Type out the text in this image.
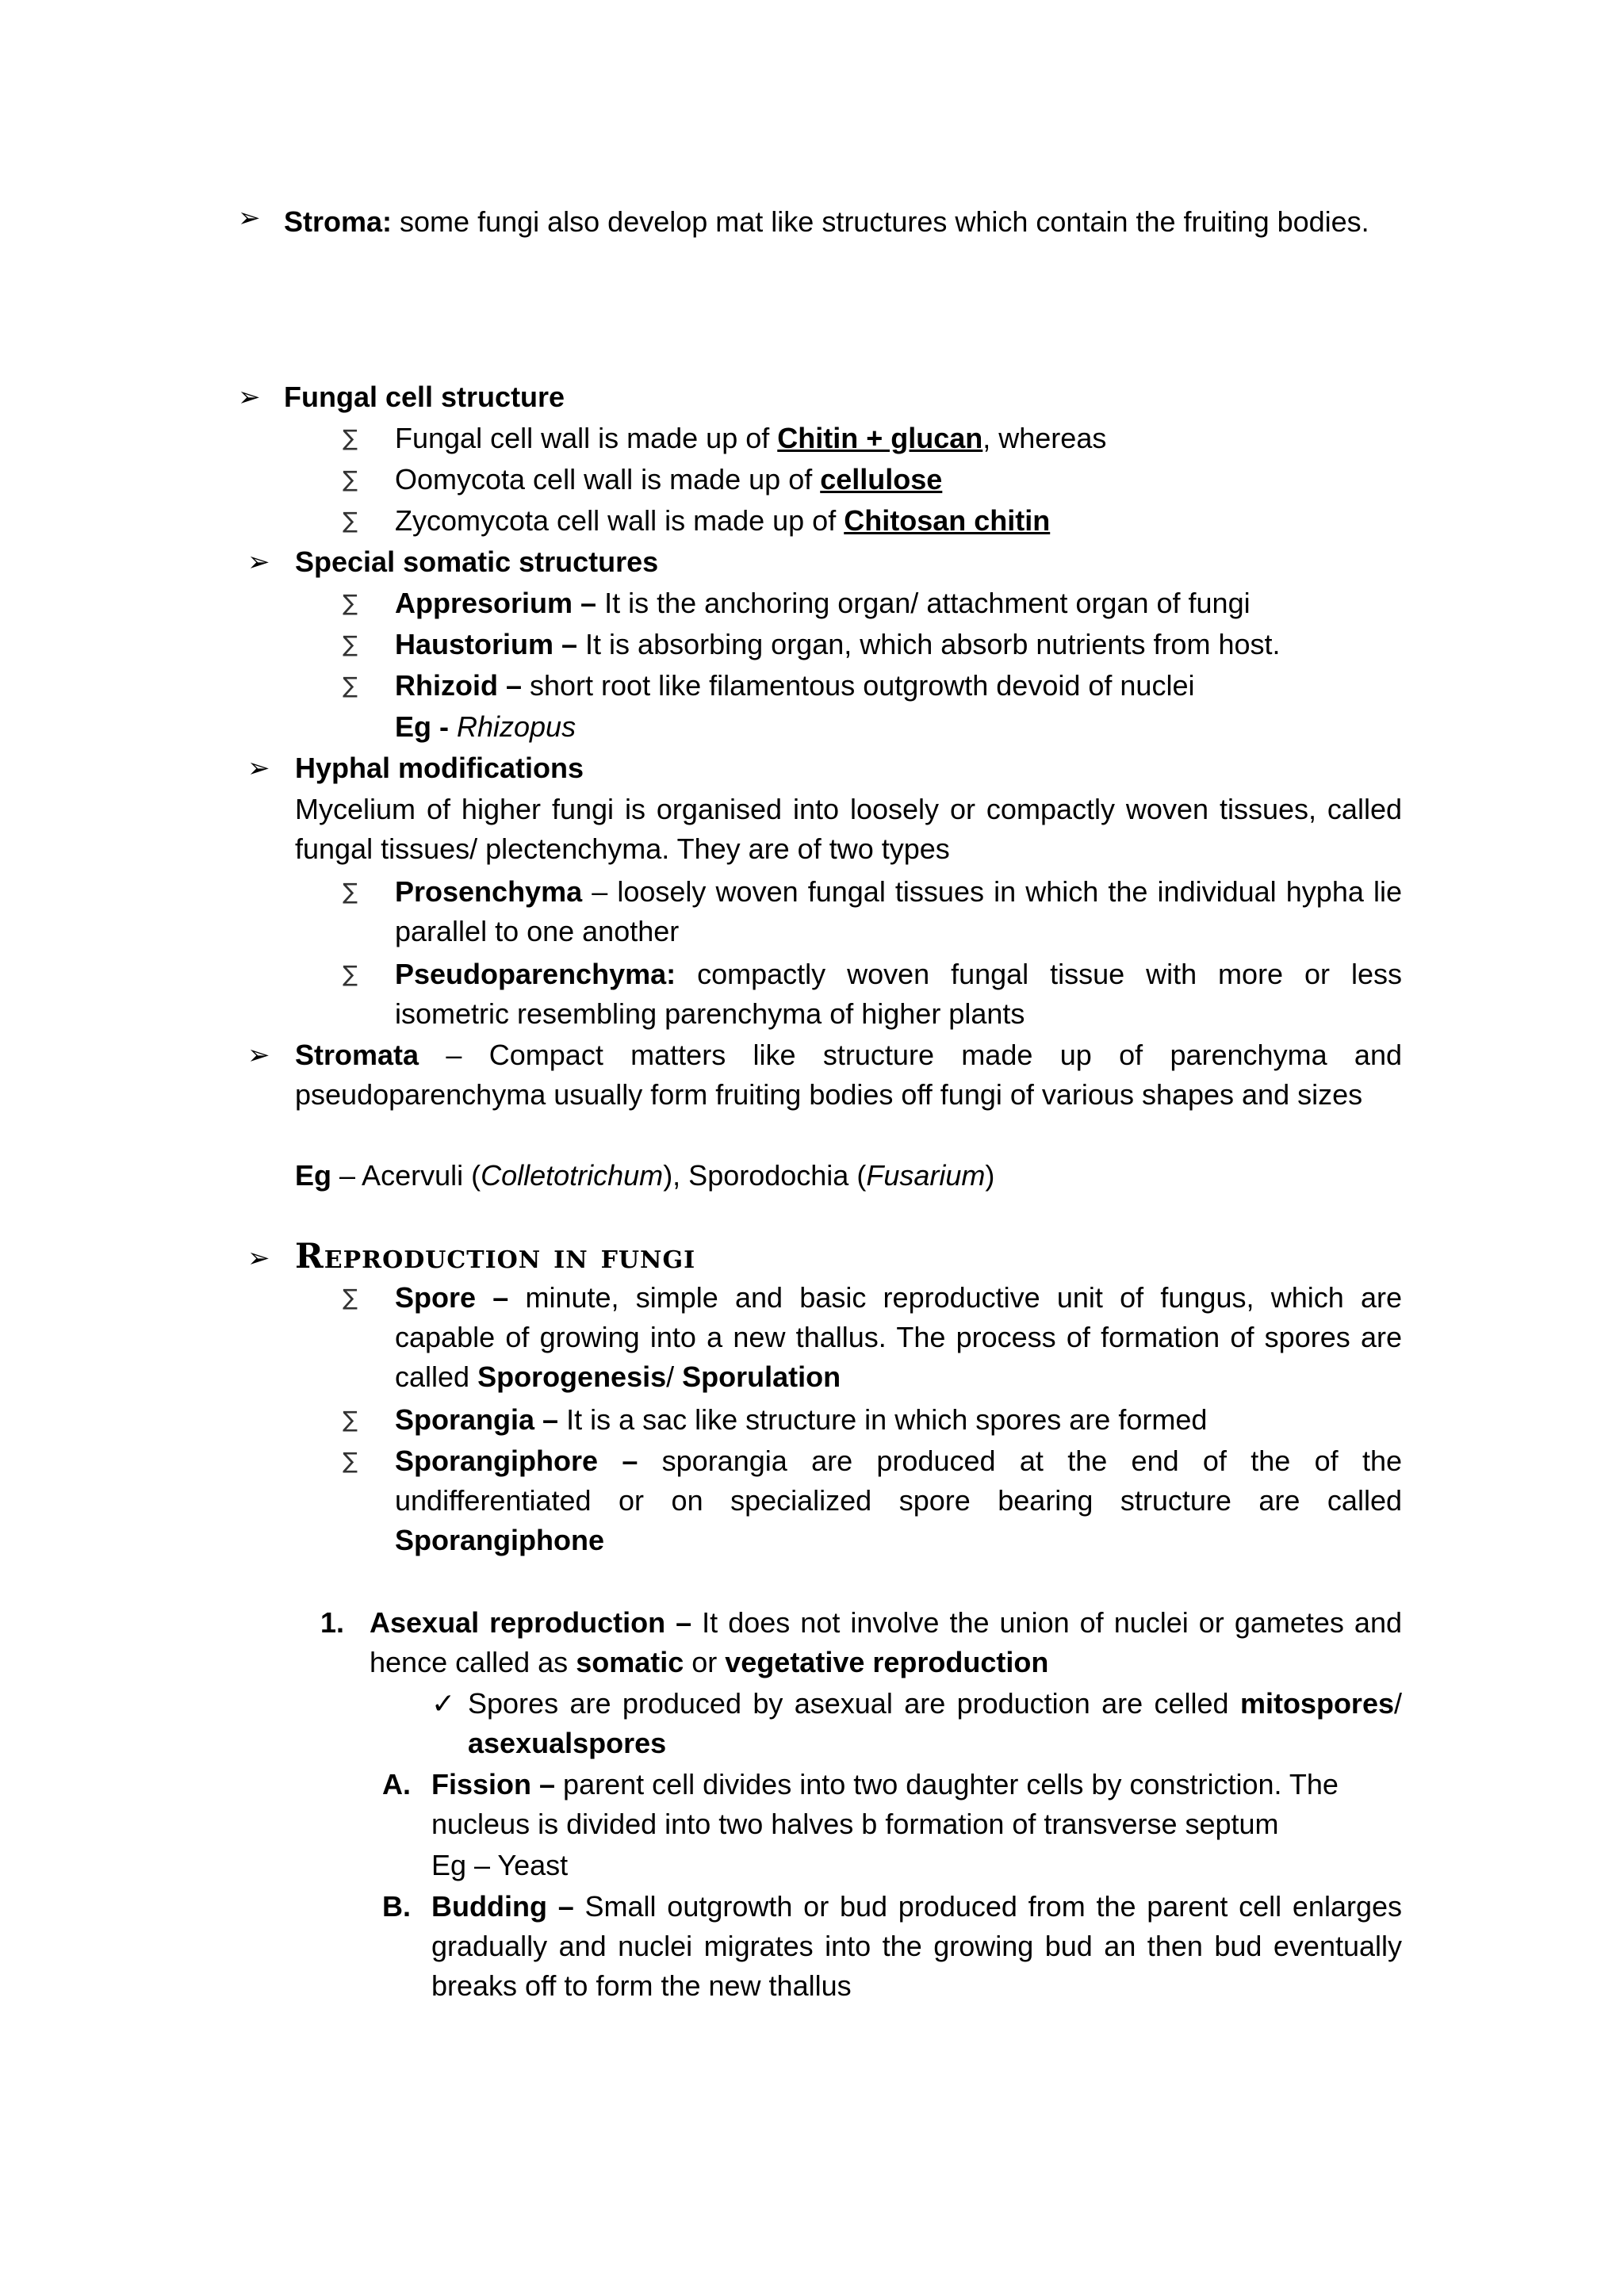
➢ Stroma: some fungi also develop mat like structures which contain the fruiting bodies.
➢ Fungal cell structure
∑ Fungal cell wall is made up of Chitin + glucan, whereas
∑ Oomycota cell wall is made up of cellulose
∑ Zycomycota cell wall is made up of Chitosan chitin
➢ Special somatic structures
∑ Appresorium – It is the anchoring organ/ attachment organ of fungi
∑ Haustorium – It is absorbing organ, which absorb nutrients from host.
∑ Rhizoid – short root like filamentous outgrowth devoid of nuclei
Eg - Rhizopus
➢ Hyphal modifications
Mycelium of higher fungi is organised into loosely or compactly woven tissues, called fungal tissues/ plectenchyma. They are of two types
∑ Prosenchyma – loosely woven fungal tissues in which the individual hypha lie parallel to one another
∑ Pseudoparenchyma: compactly woven fungal tissue with more or less isometric resembling parenchyma of higher plants
➢ Stromata – Compact matters like structure made up of parenchyma and pseudoparenchyma usually form fruiting bodies off fungi of various shapes and sizes
Eg – Acervuli (Colletotrichum), Sporodochia (Fusarium)
➢ Reproduction in fungi
∑ Spore – minute, simple and basic reproductive unit of fungus, which are capable of growing into a new thallus. The process of formation of spores are called Sporogenesis/ Sporulation
∑ Sporangia – It is a sac like structure in which spores are formed
∑ Sporangiphore – sporangia are produced at the end of the of the undifferentiated or on specialized spore bearing structure are called Sporangiphone
1. Asexual reproduction – It does not involve the union of nuclei or gametes and hence called as somatic or vegetative reproduction
✓ Spores are produced by asexual are production are celled mitospores/ asexualspores
A. Fission – parent cell divides into two daughter cells by constriction. The nucleus is divided into two halves b formation of transverse septum
Eg – Yeast
B. Budding – Small outgrowth or bud produced from the parent cell enlarges gradually and nuclei migrates into the growing bud an then bud eventually breaks off to form the new thallus
